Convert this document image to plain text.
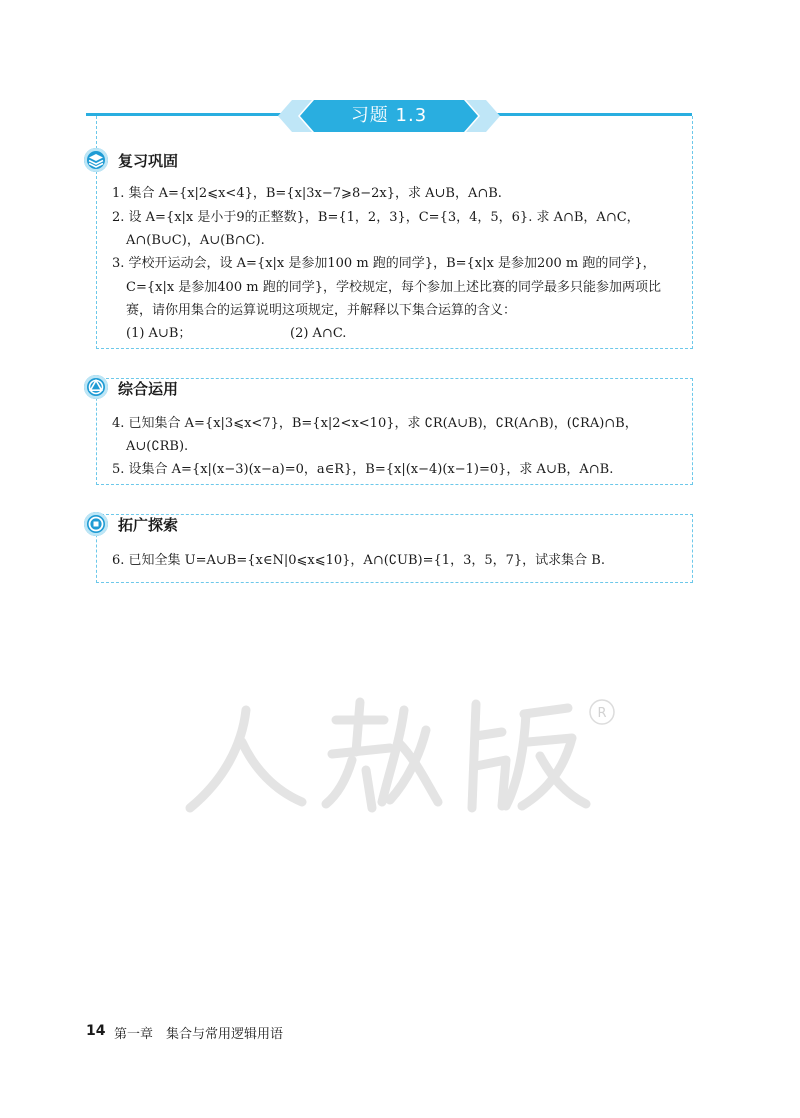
习题 1.3
复习巩固
1. 集合 A={x|2⩽x<4}，B={x|3x−7⩾8−2x}，求 A∪B，A∩B.
2. 设 A={x|x 是小于9的正整数}，B={1，2，3}，C={3，4，5，6}. 求 A∩B，A∩C，
A∩(B∪C)，A∪(B∩C).
3. 学校开运动会，设 A={x|x 是参加100 m 跑的同学}，B={x|x 是参加200 m 跑的同学}，
C={x|x 是参加400 m 跑的同学}，学校规定，每个参加上述比赛的同学最多只能参加两项比
赛，请你用集合的运算说明这项规定，并解释以下集合运算的含义：
(1) A∪B；	(2) A∩C.
综合运用
4. 已知集合 A={x|3⩽x<7}，B={x|2<x<10}，求 ∁R(A∪B)，∁R(A∩B)，(∁RA)∩B，
A∪(∁RB).
5. 设集合 A={x|(x−3)(x−a)=0，a∈R}，B={x|(x−4)(x−1)=0}，求 A∪B，A∩B.
拓广探索
6. 已知全集 U=A∪B={x∈N|0⩽x⩽10}，A∩(∁UB)={1，3，5，7}，试求集合 B.
R
14 第一章　集合与常用逻辑用语
